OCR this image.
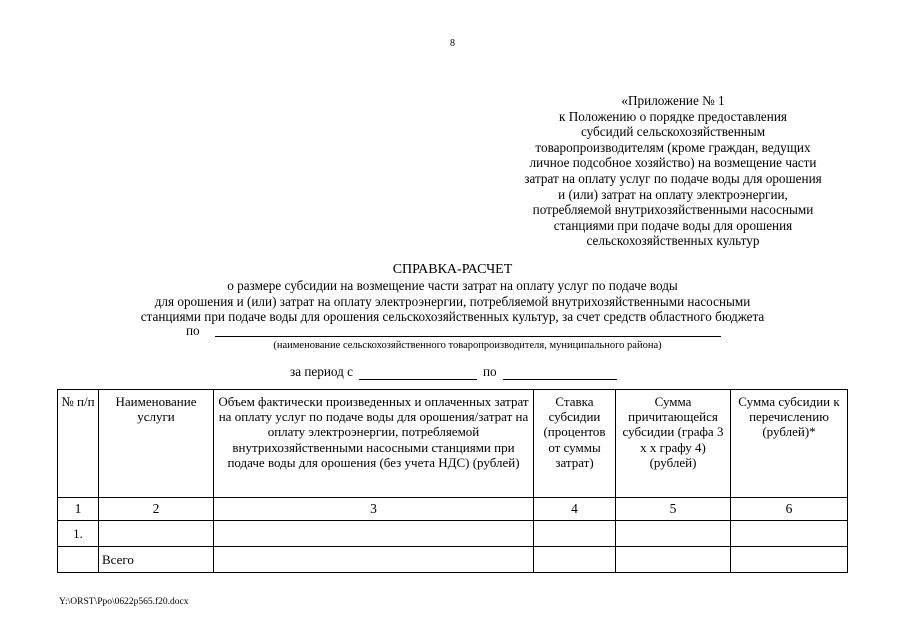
8
«Приложение № 1
к Положению о порядке предоставления
субсидий сельскохозяйственным
товаропроизводителям (кроме граждан, ведущих
личное подсобное хозяйство) на возмещение части
затрат на оплату услуг по подаче воды для орошения
и (или) затрат на оплату электроэнергии,
потребляемой внутрихозяйственными насосными
станциями при подаче воды для орошения
сельскохозяйственных культур
СПРАВКА-РАСЧЕТ
о размере субсидии на возмещение части затрат на оплату услуг по подаче воды
для орошения и (или) затрат на оплату электроэнергии, потребляемой внутрихозяйственными насосными
станциями при подаче воды для орошения сельскохозяйственных культур, за счет средств областного бюджета
по
(наименование сельскохозяйственного товаропроизводителя, муниципального района)
за период с	по
№ п/п	Наименование услуги	Объем фактически произведенных и оплаченных затрат на оплату услуг по подаче воды для орошения/затрат на оплату электроэнергии, потребляемой внутрихозяйственными насосными станциями при подаче воды для орошения (без учета НДС) (рублей)	Ставка субсидии (процентов от суммы затрат)	Сумма причитающейся субсидии (графа 3 х х графу 4) (рублей)	Сумма субсидии к перечислению (рублей)*
1	2	3	4	5	6
1.					
	Всего				
Y:\ORST\Ppo\0622p565.f20.docx
